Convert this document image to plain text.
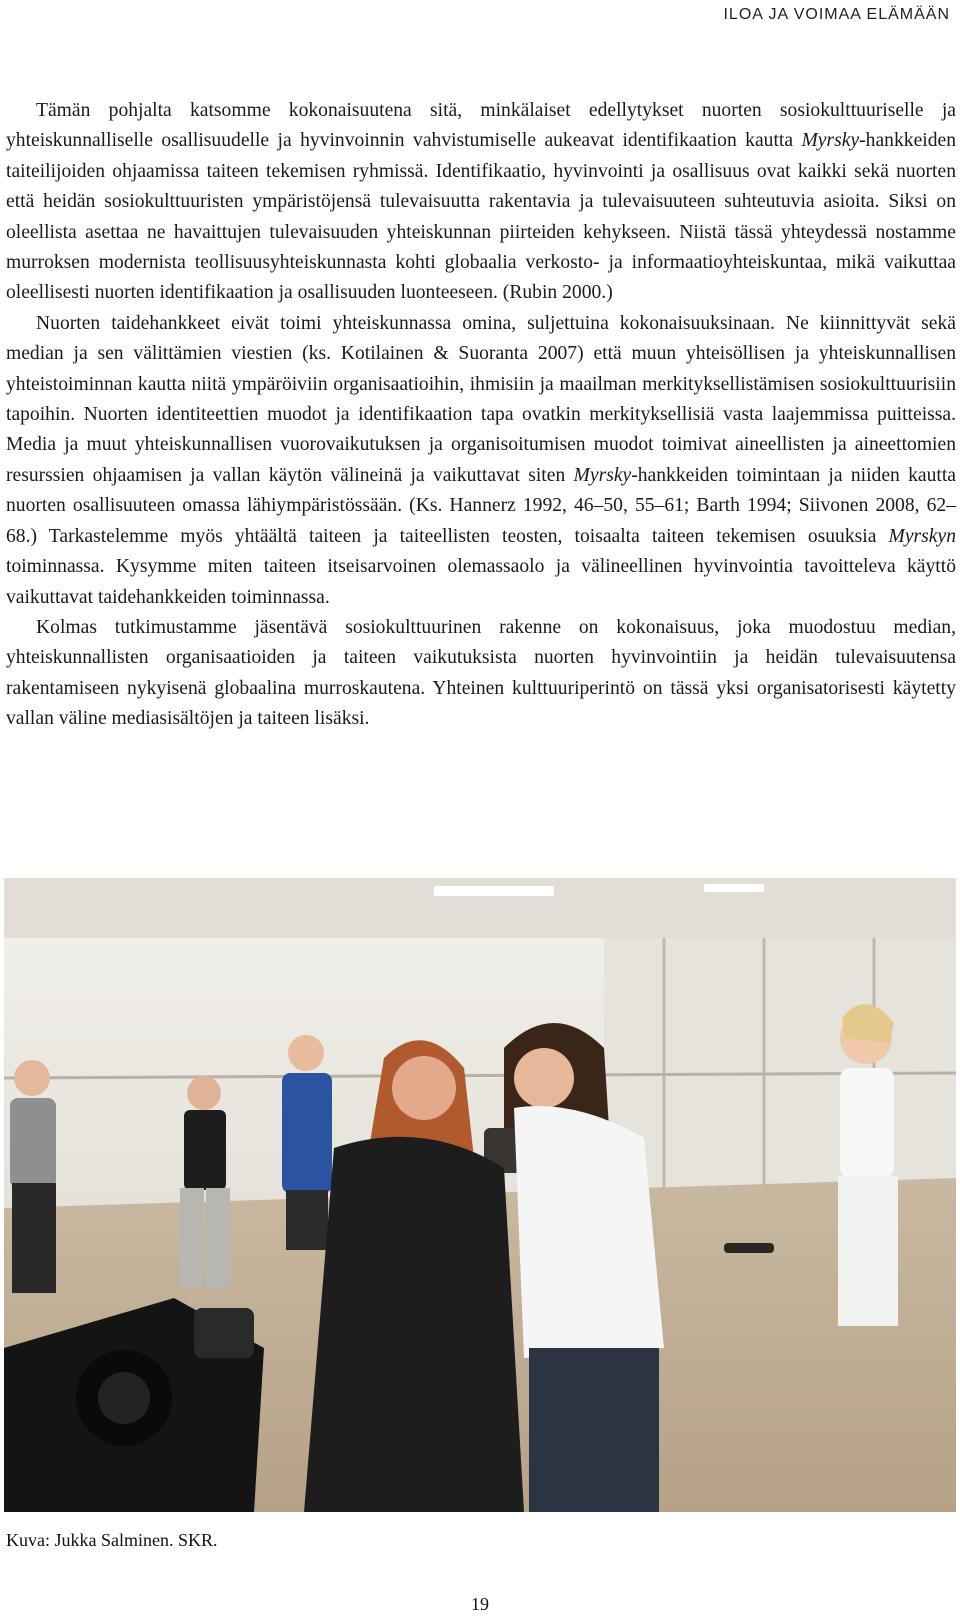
ILOA JA VOIMAA ELÄMÄÄN

Tämän pohjalta katsomme kokonaisuutena sitä, minkälaiset edellytykset nuorten sosiokulttuuriselle ja yhteiskunnalliselle osallisuudelle ja hyvinvoinnin vahvistumiselle aukeavat identifikaation kautta Myrsky-hankkeiden taiteilijoiden ohjaamissa taiteen tekemisen ryhmissä. Identifikaatio, hyvinvointi ja osallisuus ovat kaikki sekä nuorten että heidän sosiokulttuuristen ympäristöjensä tulevaisuutta rakentavia ja tulevaisuuteen suhteutuvia asioita. Siksi on oleellista asettaa ne havaittujen tulevaisuuden yhteiskunnan piirteiden kehykseen. Niistä tässä yhteydessä nostamme murroksen modernista teollisuusyhteiskunnasta kohti globaalia verkosto- ja informaatioyhteiskuntaa, mikä vaikuttaa oleellisesti nuorten identifikaation ja osallisuuden luonteeseen. (Rubin 2000.)

Nuorten taidehankkeet eivät toimi yhteiskunnassa omina, suljettuina kokonaisuuksinaan. Ne kiinnittyvät sekä median ja sen välittämien viestien (ks. Kotilainen & Suoranta 2007) että muun yhteisöllisen ja yhteiskunnallisen yhteistoiminnan kautta niitä ympäröiviin organisaatioihin, ihmisiin ja maailman merkityksellistämisen sosiokulttuurisiin tapoihin. Nuorten identiteettien muodot ja identifikaation tapa ovatkin merkityksellisiä vasta laajemmissa puitteissa. Media ja muut yhteiskunnallisen vuorovaikutuksen ja organisoitumisen muodot toimivat aineellisten ja aineettomien resurssien ohjaamisen ja vallan käytön välineinä ja vaikuttavat siten Myrsky-hankkeiden toimintaan ja niiden kautta nuorten osallisuuteen omassa lähiympäristössään. (Ks. Hannerz 1992, 46–50, 55–61; Barth 1994; Siivonen 2008, 62–68.) Tarkastelemme myös yhtäältä taiteen ja taiteellisten teosten, toisaalta taiteen tekemisen osuuksia Myrskyn toiminnassa. Kysymme miten taiteen itseisarvoinen olemassaolo ja välineellinen hyvinvointia tavoitteleva käyttö vaikuttavat taidehankkeiden toiminnassa.

Kolmas tutkimustamme jäsentävä sosiokulttuurinen rakenne on kokonaisuus, joka muodostuu median, yhteiskunnallisten organisaatioiden ja taiteen vaikutuksista nuorten hyvinvointiin ja heidän tulevaisuutensa rakentamiseen nykyisenä globaalina murroskautena. Yhteinen kulttuuriperintö on tässä yksi organisatorisesti käytetty vallan väline mediasisältöjen ja taiteen lisäksi.

Kuva: Jukka Salminen. SKR.
19
